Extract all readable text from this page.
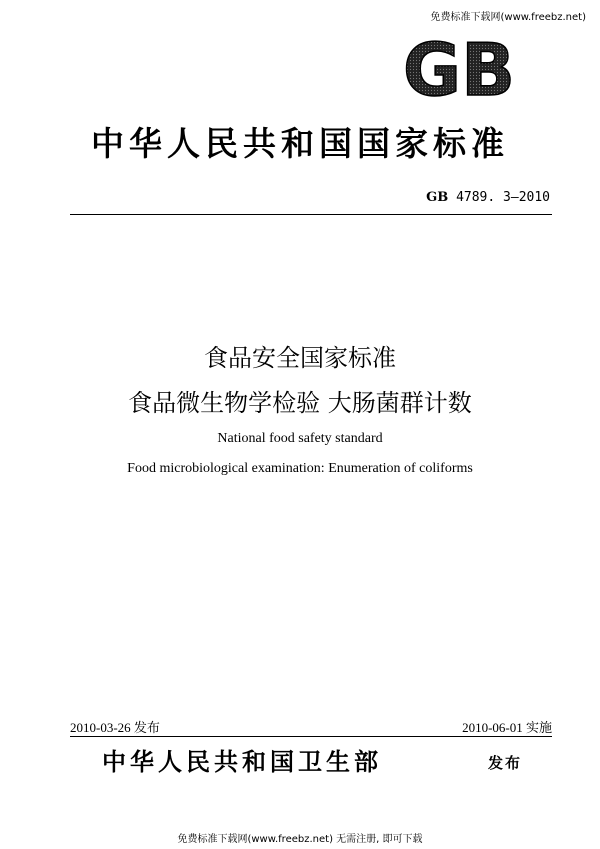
免费标准下载网(www.freebz.net)
GB
中华人民共和国国家标准
GB 4789. 3—2010
食品安全国家标准
食品微生物学检验 大肠菌群计数
National food safety standard
Food microbiological examination: Enumeration of coliforms
2010-03-26 发布	2010-06-01 实施
中华人民共和国卫生部	发布
免费标准下载网(www.freebz.net) 无需注册, 即可下载
